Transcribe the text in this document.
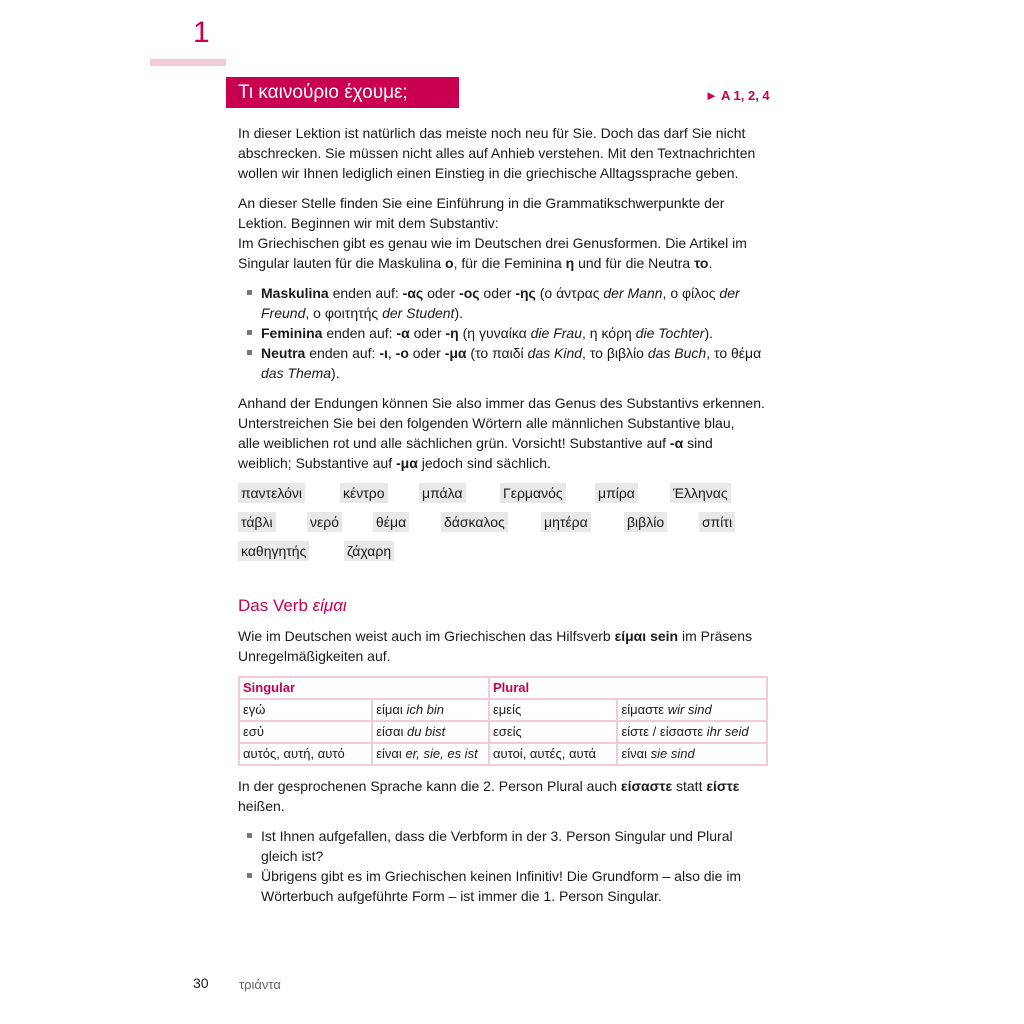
1
Τι καινούριο έχουμε;	► A 1, 2, 4

In dieser Lektion ist natürlich das meiste noch neu für Sie. Doch das darf Sie nicht
abschrecken. Sie müssen nicht alles auf Anhieb verstehen. Mit den Textnachrichten
wollen wir Ihnen lediglich einen Einstieg in die griechische Alltagssprache geben.

An dieser Stelle finden Sie eine Einführung in die Grammatikschwerpunkte der
Lektion. Beginnen wir mit dem Substantiv:
Im Griechischen gibt es genau wie im Deutschen drei Genusformen. Die Artikel im
Singular lauten für die Maskulina ο, für die Feminina η und für die Neutra το.

Maskulina enden auf: -ας oder -ος oder -ης (ο άντρας der Mann, ο φίλος der
Freund, ο φοιτητής der Student).
Feminina enden auf: -α oder -η (η γυναίκα die Frau, η κόρη die Tochter).
Neutra enden auf: -ι, -ο oder -μα (το παιδί das Kind, το βιβλίο das Buch, το θέμα
das Thema).

Anhand der Endungen können Sie also immer das Genus des Substantivs erkennen.
Unterstreichen Sie bei den folgenden Wörtern alle männlichen Substantive blau,
alle weiblichen rot und alle sächlichen grün. Vorsicht! Substantive auf -α sind
weiblich; Substantive auf -μα jedoch sind sächlich.

παντελόνι	κέντρο	μπάλα	Γερμανός	μπίρα	Έλληνας
τάβλι	νερό	θέμα	δάσκαλος	μητέρα	βιβλίο	σπίτι
καθηγητής	ζάχαρη
Das Verb είμαι

Wie im Deutschen weist auch im Griechischen das Hilfsverb είμαι sein im Präsens
Unregelmäßigkeiten auf.

Singular		Plural	
εγώ	είμαι ich bin	εμείς	είμαστε wir sind
εσύ	είσαι du bist	εσείς	είστε / είσαστε ihr seid
αυτός, αυτή, αυτό	είναι er, sie, es ist	αυτοί, αυτές, αυτά	είναι sie sind

In der gesprochenen Sprache kann die 2. Person Plural auch είσαστε statt είστε
heißen.

Ist Ihnen aufgefallen, dass die Verbform in der 3. Person Singular und Plural
gleich ist?
Übrigens gibt es im Griechischen keinen Infinitiv! Die Grundform – also die im
Wörterbuch aufgeführte Form – ist immer die 1. Person Singular.
30 τριάντα
